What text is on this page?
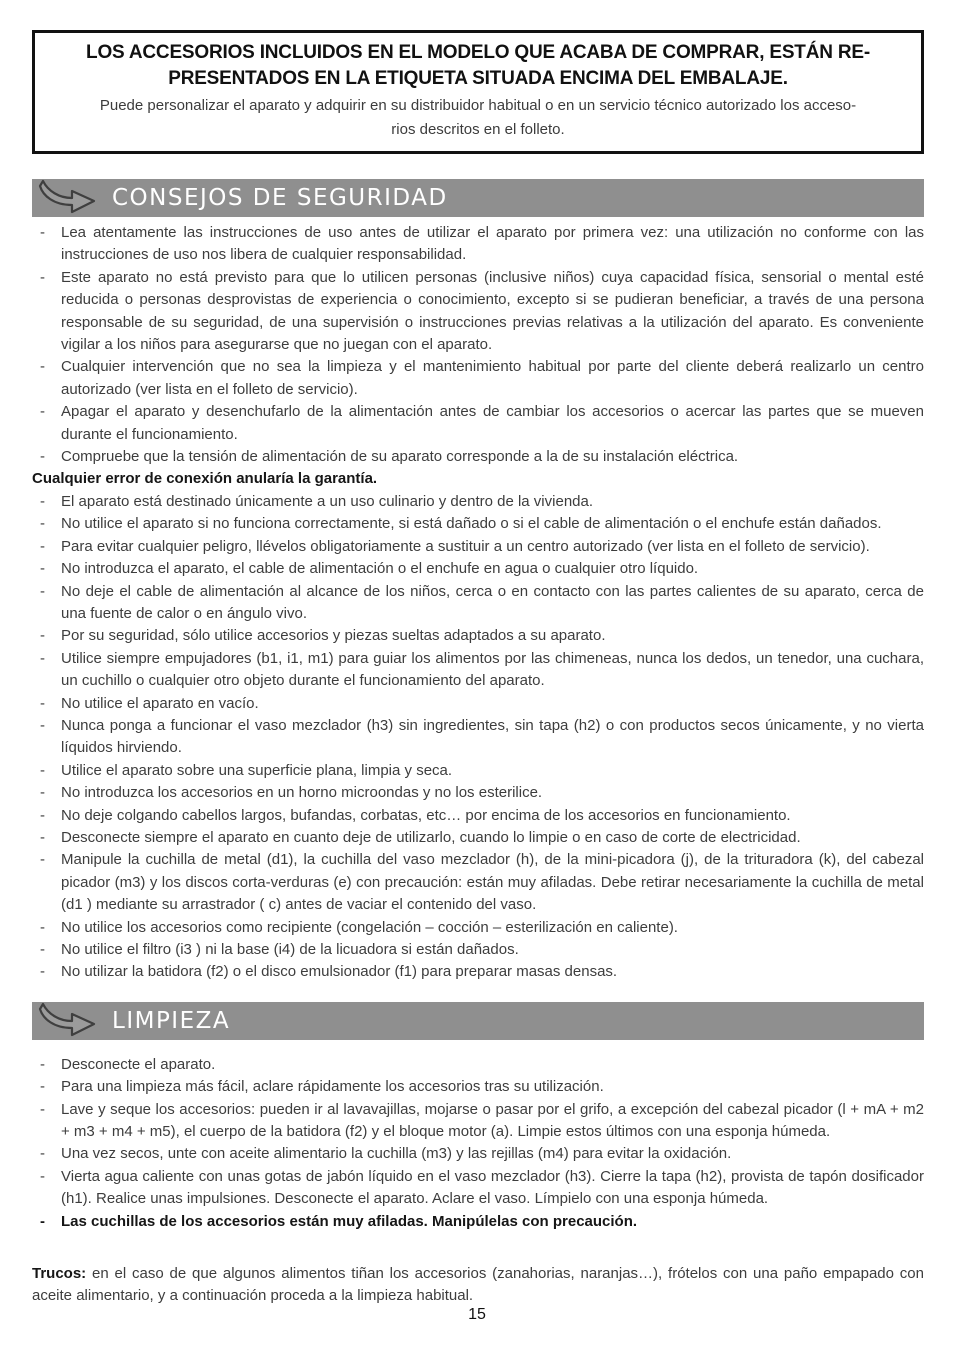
LOS ACCESORIOS INCLUIDOS EN EL MODELO QUE ACABA DE COMPRAR, ESTÁN RE-
PRESENTADOS EN LA ETIQUETA SITUADA ENCIMA DEL EMBALAJE.
Puede personalizar el aparato y adquirir en su distribuidor habitual o en un servicio técnico autorizado los acceso-
rios descritos en el folleto.
CONSEJOS DE SEGURIDAD
- Lea atentamente las instrucciones de uso antes de utilizar el aparato por primera vez: una utilización no conforme con las instrucciones de uso nos libera de cualquier responsabilidad.
- Este aparato no está previsto para que lo utilicen personas (inclusive niños) cuya capacidad física, sensorial o mental esté reducida o personas desprovistas de experiencia o conocimiento, excepto si se pudieran beneficiar, a través de una persona responsable de su seguridad, de una supervisión o instrucciones previas relativas a la utilización del aparato. Es conveniente vigilar a los niños para asegurarse que no juegan con el aparato.
- Cualquier intervención que no sea la limpieza y el mantenimiento habitual por parte del cliente deberá realizarlo un centro autorizado (ver lista en el folleto de servicio).
- Apagar el aparato y desenchufarlo de la alimentación antes de cambiar los accesorios o acercar las partes que se mueven durante el funcionamiento.
- Compruebe que la tensión de alimentación de su aparato corresponde a la de su instalación eléctrica.
Cualquier error de conexión anularía la garantía.
- El aparato está destinado únicamente a un uso culinario y dentro de la vivienda.
- No utilice el aparato si no funciona correctamente, si está dañado o si el cable de alimentación o el enchufe están dañados.
- Para evitar cualquier peligro, llévelos obligatoriamente a sustituir a un centro autorizado (ver lista en el folleto de servicio).
- No introduzca el aparato, el cable de alimentación o el enchufe en agua o cualquier otro líquido.
- No deje el cable de alimentación al alcance de los niños, cerca o en contacto con las partes calientes de su aparato, cerca de una fuente de calor o en ángulo vivo.
- Por su seguridad, sólo utilice accesorios y piezas sueltas adaptados a su aparato.
- Utilice siempre empujadores (b1, i1, m1) para guiar los alimentos por las chimeneas, nunca los dedos, un tenedor, una cuchara, un cuchillo o cualquier otro objeto durante el funcionamiento del aparato.
- No utilice el aparato en vacío.
- Nunca ponga a funcionar el vaso mezclador (h3) sin ingredientes, sin tapa (h2) o con productos secos únicamente, y no vierta líquidos hirviendo.
- Utilice el aparato sobre una superficie plana, limpia y seca.
- No introduzca los accesorios en un horno microondas y no los esterilice.
- No deje colgando cabellos largos, bufandas, corbatas, etc… por encima de los accesorios en funcionamiento.
- Desconecte siempre el aparato en cuanto deje de utilizarlo, cuando lo limpie o en caso de corte de electricidad.
- Manipule la cuchilla de metal (d1), la cuchilla del vaso mezclador (h), de la mini-picadora (j), de la trituradora (k), del cabezal picador (m3) y los discos corta-verduras (e) con precaución: están muy afiladas. Debe retirar necesariamente la cuchilla de metal (d1 ) mediante su arrastrador ( c) antes de vaciar el contenido del vaso.
- No utilice los accesorios como recipiente (congelación – cocción – esterilización en caliente).
- No utilice el filtro (i3 ) ni la base (i4) de la licuadora si están dañados.
- No utilizar la batidora (f2) o el disco emulsionador (f1) para preparar masas densas.
LIMPIEZA
- Desconecte el aparato.
- Para una limpieza más fácil, aclare rápidamente los accesorios tras su utilización.
- Lave y seque los accesorios: pueden ir al lavavajillas, mojarse o pasar por el grifo, a excepción del cabezal picador (l + mA + m2 + m3 + m4 + m5), el cuerpo de la batidora (f2) y el bloque motor (a). Limpie estos últimos con una esponja húmeda.
- Una vez secos, unte con aceite alimentario la cuchilla (m3) y las rejillas (m4) para evitar la oxidación.
- Vierta agua caliente con unas gotas de jabón líquido en el vaso mezclador (h3). Cierre la tapa (h2), provista de tapón dosificador (h1). Realice unas impulsiones. Desconecte el aparato. Aclare el vaso. Límpielo con una esponja húmeda.
- Las cuchillas de los accesorios están muy afiladas. Manipúlelas con precaución.

Trucos: en el caso de que algunos alimentos tiñan los accesorios (zanahorias, naranjas…), frótelos con una paño empapado con aceite alimentario, y a continuación proceda a la limpieza habitual.

15
